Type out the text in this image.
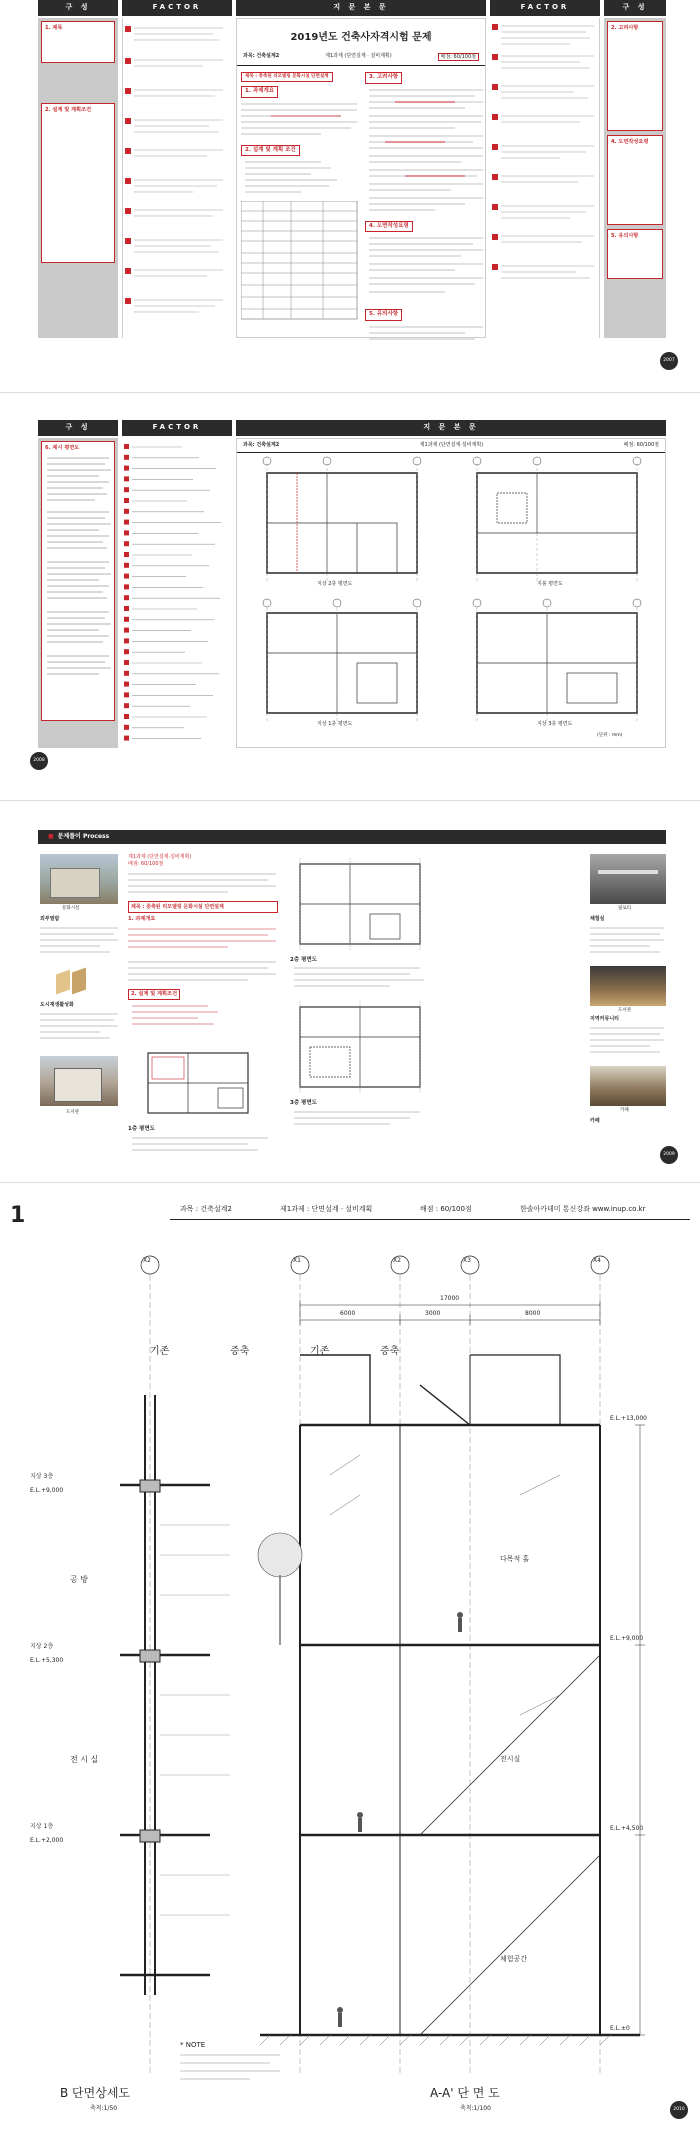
구 성	FACTOR	지 문 본 문	FACTOR	구 성
1. 제목
2. 설계 및 계획조건
2019년도 건축사자격시험 문제
과목: 건축설계2	제1과제 (단면설계 · 설비계획)	배점: 60/100점
제목 : 층축된 리모델링 문화시설 단면설계 1. 과제개요  2. 설계 및 계획 조건
3. 고려사항  4. 도면작성요령  5. 유의사항
2. 고려사항
4. 도면작성요령
5. 유의사항
2007
구 성	FACTOR	지 문 본 문
6. 제시 평면도	과목: 건축설계2	제1과제 (단면설계·설비계획)	배점: 60/100점
지상 2층 평면도	지붕 평면도
지상 1층 평면도	지상 3층 평면도
(단위 : mm)
2008
■ 문제풀이 Process
문화시설
외부열람
도시재생활성화
도서관
제1과제 (단면설계·설비계획)
배점: 60/100점
제목 : 증축된 리모델링 문화시설 단면설계
1. 과제개요
2. 설계 및 계획조건
1층 평면도
2층 평면도

3층 평면도
필로티
체험실
도서관
지역커뮤니티
카페
카페
2009
1	과목 : 건축설계2	제1과제 : 단면설계 · 설비계획	배점 : 60/100점	한솔아카데미 통신강좌 www.inup.co.kr
X2	X1	X2	X3	X4
17000
6000	3000	8000
기존	증축	기존	증축
지상 3층
E.L.+9,000
지상 2층
E.L.+5,300
지상 1층
E.L.+2,000
E.L.+13,000
E.L.+9,000
E.L.+4,500
E.L.±0
공 방
전 시 실
다목적 홀
전시실
체험공간
* NOTE
B 단면상세도
축척:1/50
A-A' 단 면 도
축척:1/100	2010
